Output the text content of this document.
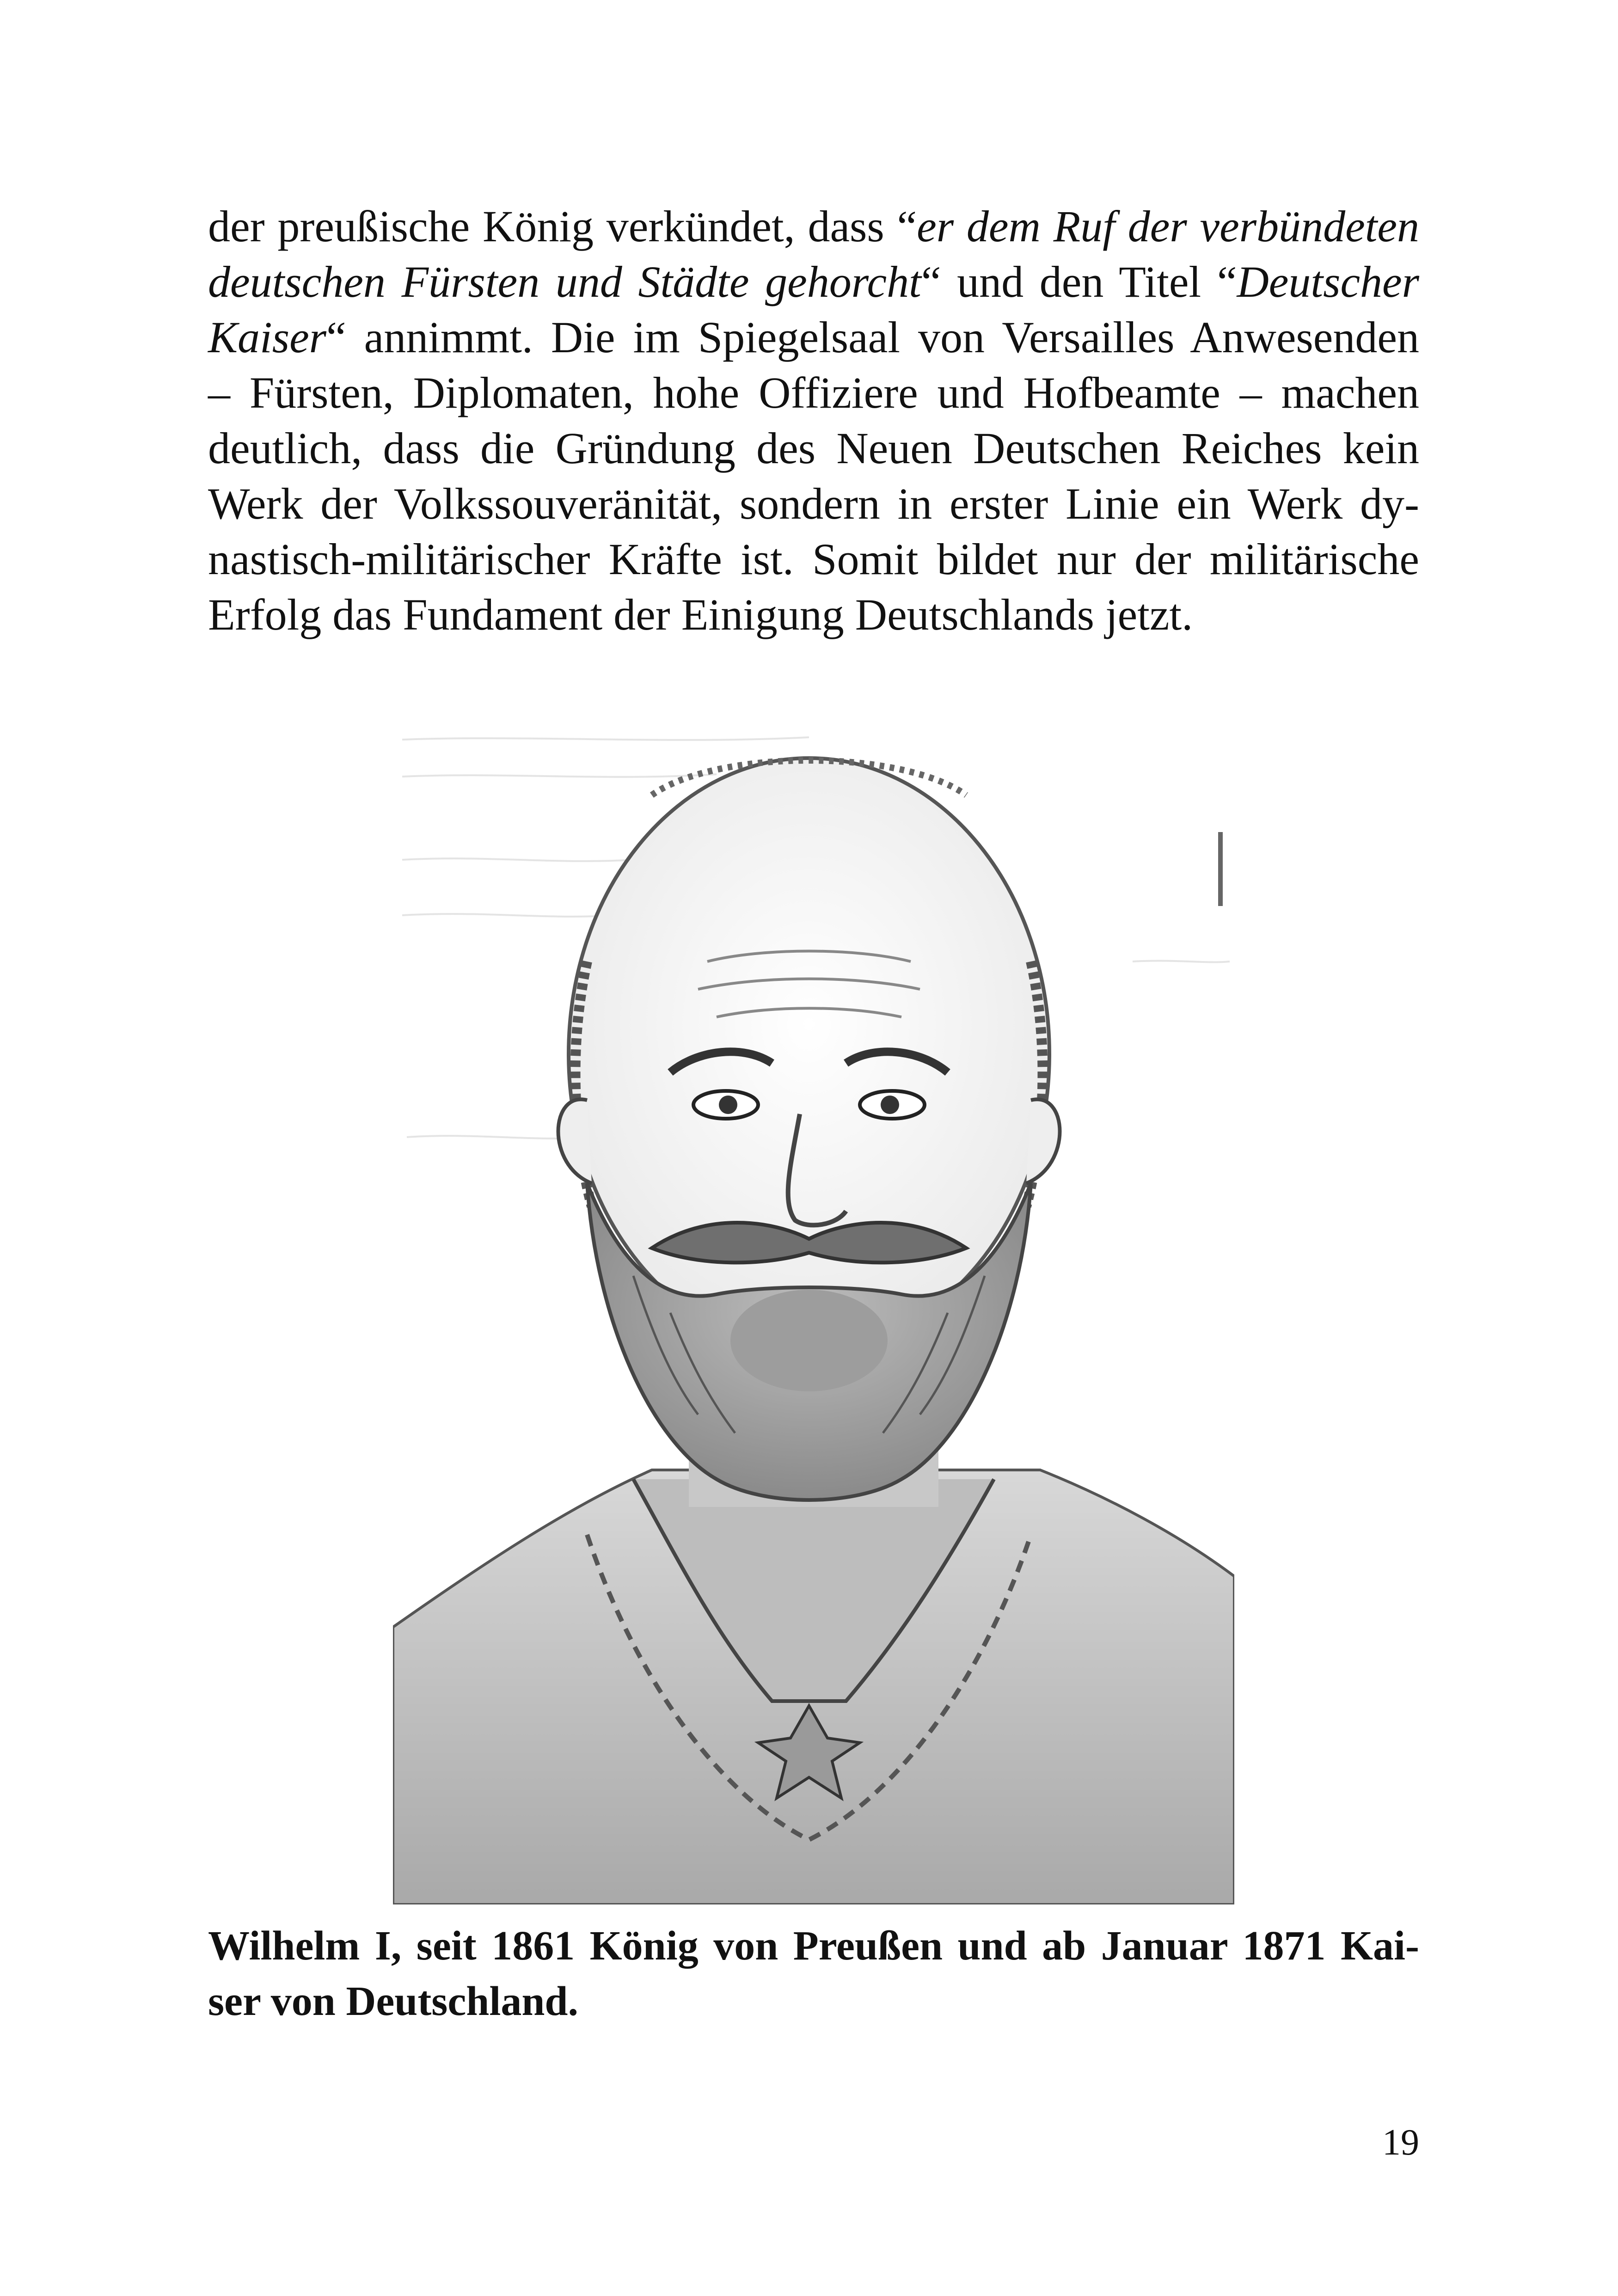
der preußische König verkündet, dass “er dem Ruf der verbündeten
deutschen Fürsten und Städte gehorcht“ und den Titel “Deutscher
Kaiser“ annimmt. Die im Spiegelsaal von Versailles Anwesenden
– Fürsten, Diplomaten, hohe Offiziere und Hofbeamte – machen
deutlich, dass die Gründung des Neuen Deutschen Reiches kein
Werk der Volkssouveränität, sondern in erster Linie ein Werk dy-
nastisch-militärischer Kräfte ist. Somit bildet nur der militärische
Erfolg das Fundament der Einigung Deutschlands jetzt.
Wilhelm I, seit 1861 König von Preußen und ab Januar 1871 Kai-
ser von Deutschland.
19
